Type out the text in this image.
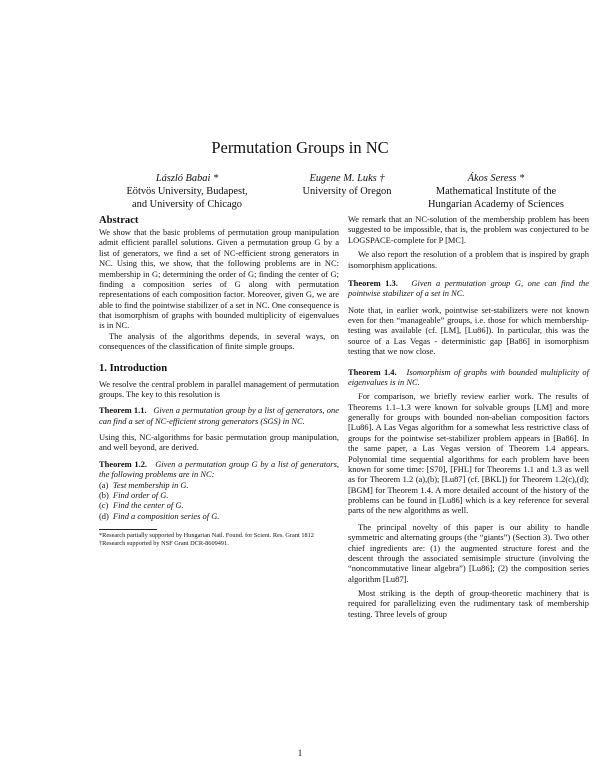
Permutation Groups in NC
László Babai *
Eötvös University, Budapest,
and University of Chicago
Eugene M. Luks †
University of Oregon
Ákos Seress *
Mathematical Institute of the
Hungarian Academy of Sciences
Abstract

We show that the basic problems of permutation group manipulation admit efficient parallel solutions. Given a permutation group G by a list of generators, we find a set of NC-efficient strong generators in NC. Using this, we show, that the following problems are in NC: membership in G; determining the order of G; finding the center of G; finding a composition series of G along with permutation representations of each composition factor. Moreover, given G, we are able to find the pointwise stabilizer of a set in NC. One consequence is that isomorphism of graphs with bounded multiplicity of eigenvalues is in NC.

The analysis of the algorithms depends, in several ways, on consequences of the classification of finite simple groups.

1. Introduction

We resolve the central problem in parallel management of permutation groups. The key to this resolution is

Theorem 1.1. Given a permutation group by a list of generators, one can find a set of NC-efficient strong generators (SGS) in NC.

Using this, NC-algorithms for basic permutation group manipulation, and well beyond, are derived.

Theorem 1.2. Given a permutation group G by a list of generators, the following problems are in NC:

(a) Test membership in G.
(b) Find order of G.
(c) Find the center of G.
(d) Find a composition series of G.

*Research partially supported by Hungarian Natl. Found. for Scient. Res. Grant 1812

†Research supported by NSF Grant DCR-8609491.

We remark that an NC-solution of the membership problem has been suggested to be impossible, that is, the problem was conjectured to be LOGSPACE-complete for P [MC].

We also report the resolution of a problem that is inspired by graph isomorphism applications.

Theorem 1.3. Given a permutation group G, one can find the pointwise stabilizer of a set in NC.

Note that, in earlier work, pointwise set-stabilizers were not known even for then “manageable” groups, i.e. those for which membership-testing was available (cf. [LM], [Lu86]). In particular, this was the source of a Las Vegas - deterministic gap [Ba86] in isomorphism testing that we now close.

Theorem 1.4. Isomorphism of graphs with bounded multiplicity of eigenvalues is in NC.

For comparison, we briefly review earlier work. The results of Theorems 1.1–1.3 were known for solvable groups [LM] and more generally for groups with bounded non-abelian composition factors [Lu86]. A Las Vegas algorithm for a somewhat less restrictive class of groups for the pointwise set-stabilizer problem appears in [Ba86]. In the same paper, a Las Vegas version of Theorem 1.4 appears. Polynomial time sequential algorithms for each problem have been known for some time: [S70], [FHL] for Theorems 1.1 and 1.3 as well as for Theorem 1.2 (a),(b); [Lu87] (cf. [BKL]) for Theorem 1.2(c),(d); [BGM] for Theorem 1.4. A more detailed account of the history of the problems can be found in [Lu86] which is a key reference for several parts of the new algorithms as well.

The principal novelty of this paper is our ability to handle symmetric and alternating groups (the “giants”) (Section 3). Two other chief ingredients are: (1) the augmented structure forest and the descent through the associated semisimple structure (involving the “noncommutative linear algebra”) [Lu86]; (2) the composition series algorithm [Lu87].

Most striking is the depth of group-theoretic machinery that is required for parallelizing even the rudimentary task of membership testing. Three levels of group

1
